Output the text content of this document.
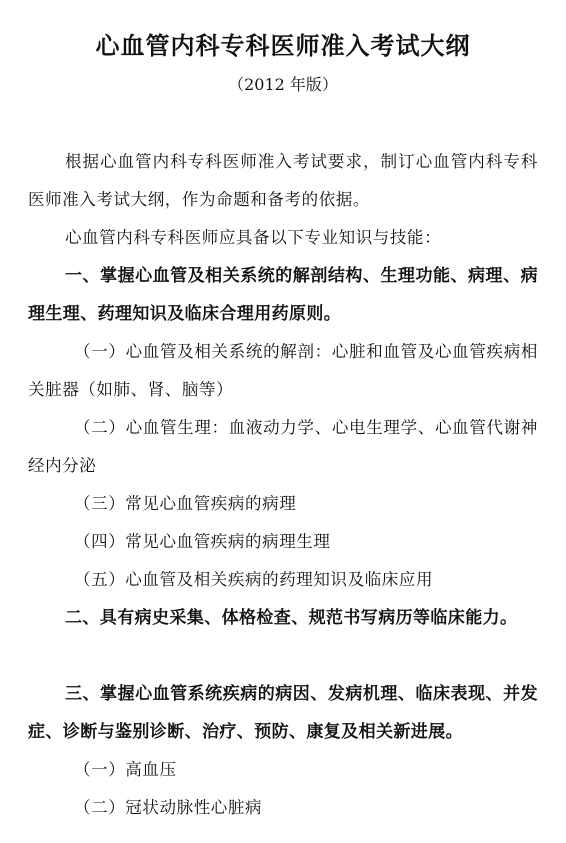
心血管内科专科医师准入考试大纲
（2012 年版）

根据心血管内科专科医师准入考试要求，制订心血管内科专科医师准入考试大纲，作为命题和备考的依据。

心血管内科专科医师应具备以下专业知识与技能：

一、掌握心血管及相关系统的解剖结构、生理功能、病理、病理生理、药理知识及临床合理用药原则。

（一）心血管及相关系统的解剖：心脏和血管及心血管疾病相关脏器（如肺、肾、脑等）

（二）心血管生理：血液动力学、心电生理学、心血管代谢神经内分泌

（三）常见心血管疾病的病理

（四）常见心血管疾病的病理生理

（五）心血管及相关疾病的药理知识及临床应用

二、具有病史采集、体格检查、规范书写病历等临床能力。

三、掌握心血管系统疾病的病因、发病机理、临床表现、并发症、诊断与鉴别诊断、治疗、预防、康复及相关新进展。

（一）高血压

（二）冠状动脉性心脏病
